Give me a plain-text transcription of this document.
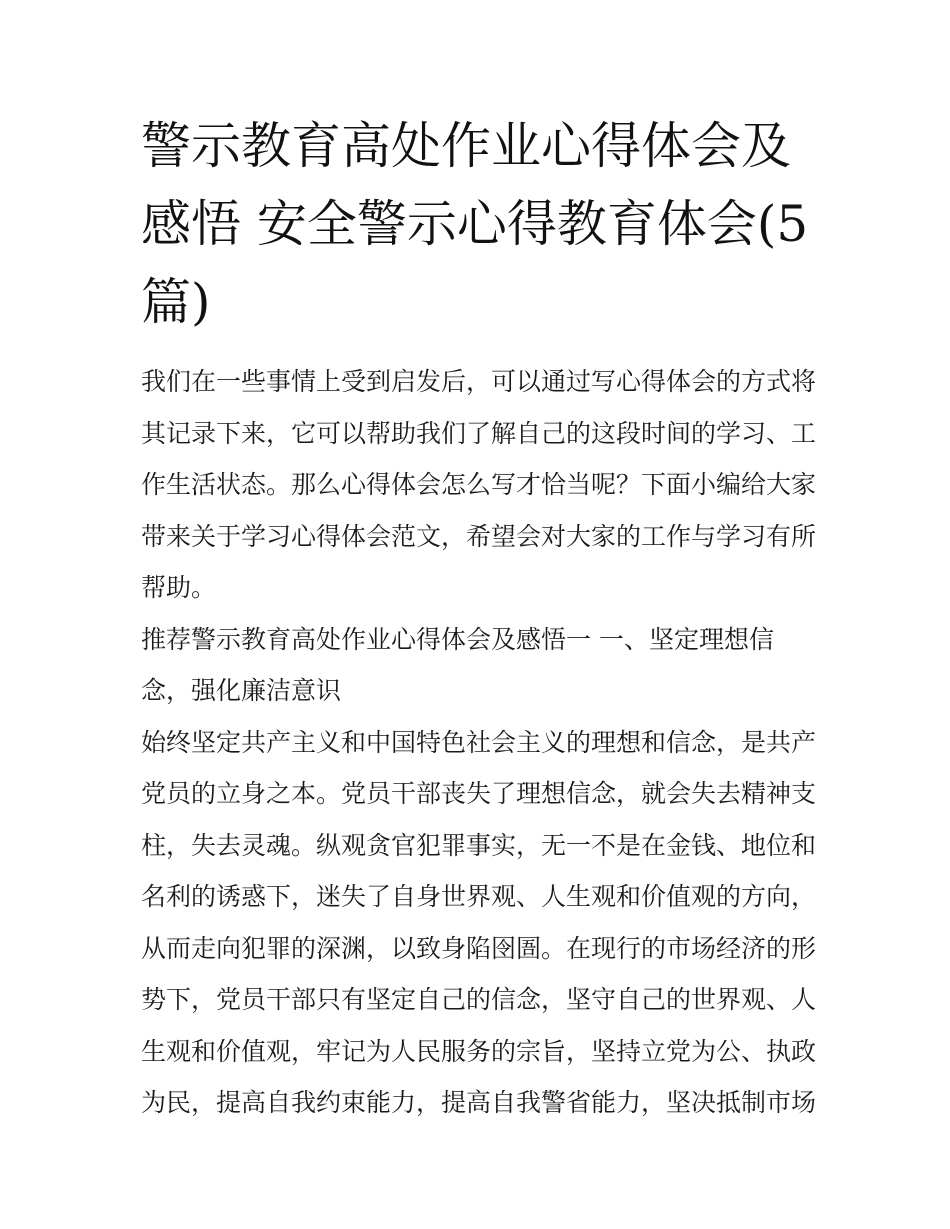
警示教育高处作业心得体会及
感悟 安全警示心得教育体会(5
篇)
我们在一些事情上受到启发后，可以通过写心得体会的方式将
其记录下来，它可以帮助我们了解自己的这段时间的学习、工
作生活状态。那么心得体会怎么写才恰当呢？下面小编给大家
带来关于学习心得体会范文，希望会对大家的工作与学习有所
帮助。
推荐警示教育高处作业心得体会及感悟一 一、坚定理想信
念，强化廉洁意识
始终坚定共产主义和中国特色社会主义的理想和信念，是共产
党员的立身之本。党员干部丧失了理想信念，就会失去精神支
柱，失去灵魂。纵观贪官犯罪事实，无一不是在金钱、地位和
名利的诱惑下，迷失了自身世界观、人生观和价值观的方向，
从而走向犯罪的深渊，以致身陷囹圄。在现行的市场经济的形
势下，党员干部只有坚定自己的信念，坚守自己的世界观、人
生观和价值观，牢记为人民服务的宗旨，坚持立党为公、执政
为民，提高自我约束能力，提高自我警省能力，坚决抵制市场
